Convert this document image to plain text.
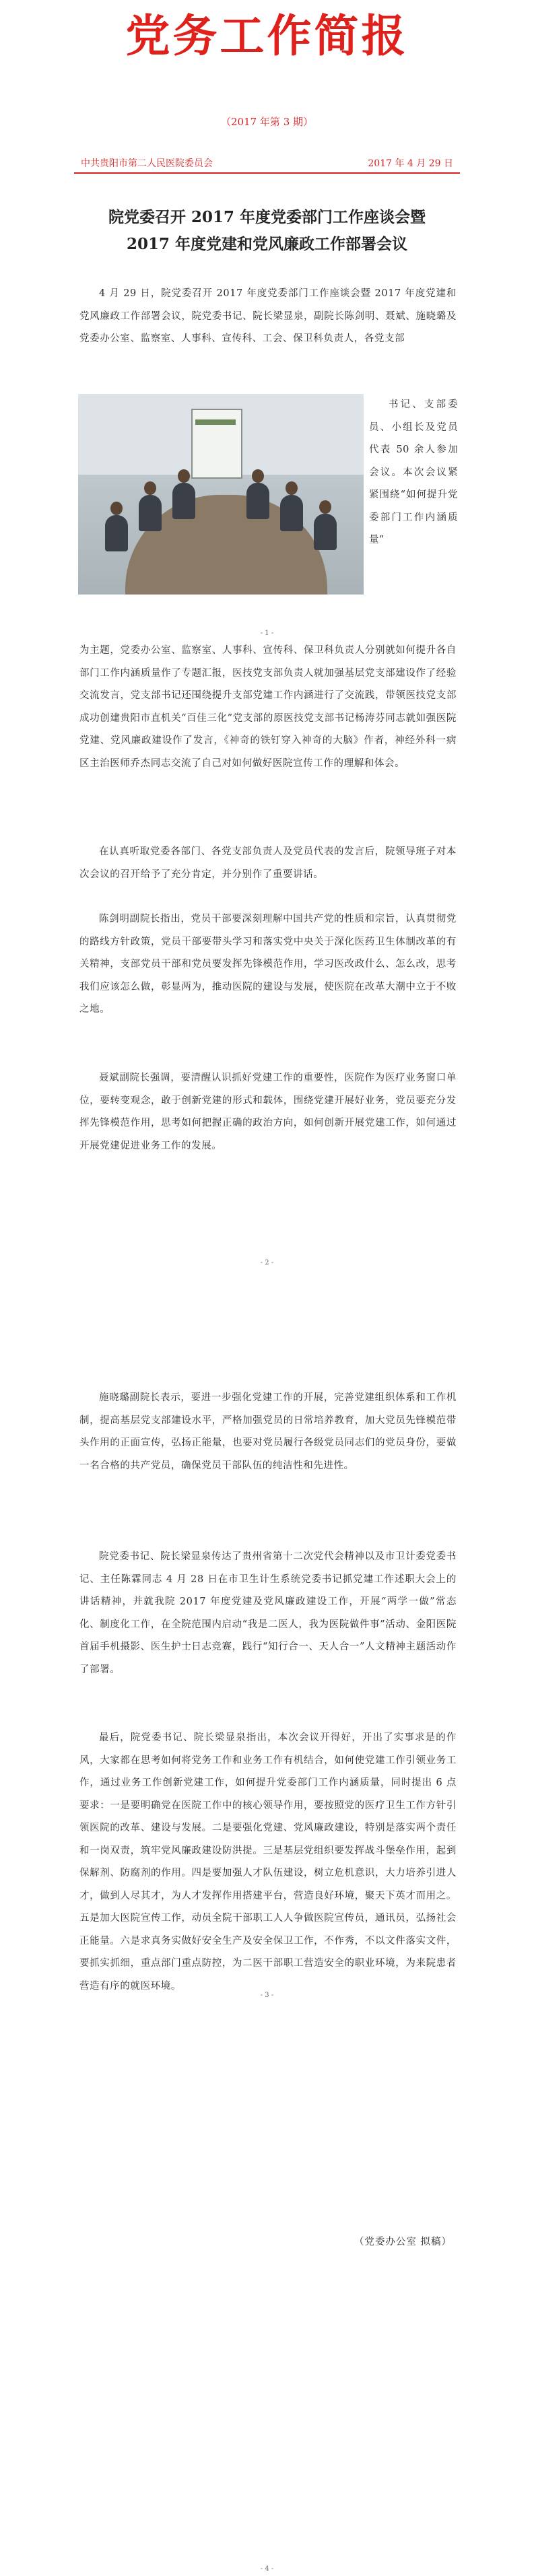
党务工作简报
（2017 年第 3 期）
中共贵阳市第二人民医院委员会	2017 年 4 月 29 日
院党委召开 2017 年度党委部门工作座谈会暨
2017 年度党建和党风廉政工作部署会议

4 月 29 日，院党委召开 2017 年度党委部门工作座谈会暨 2017 年度党建和党风廉政工作部署会议，院党委书记、院长梁显泉，副院长陈剑明、聂斌、施晓璐及党委办公室、监察室、人事科、宣传科、工会、保卫科负责人，各党支部

书记、支部委员、小组长及党员代表 50 余人参加会议。本次会议紧紧围绕“如何提升党委部门工作内涵质量”

- 1 -

为主题，党委办公室、监察室、人事科、宣传科、保卫科负责人分别就如何提升各自部门工作内涵质量作了专题汇报，医技党支部负责人就加强基层党支部建设作了经验交流发言，党支部书记还围绕提升支部党建工作内涵进行了交流践，带领医技党支部成功创建贵阳市直机关“百佳三化”党支部的原医技党支部书记杨涛芬同志就如强医院党建、党风廉政建设作了发言，《神奇的铁钉穿入神奇的大脑》作者，神经外科一病区主治医师乔杰同志交流了自己对如何做好医院宣传工作的理解和体会。

在认真听取党委各部门、各党支部负责人及党员代表的发言后，院领导班子对本次会议的召开给予了充分肯定，并分别作了重要讲话。

陈剑明副院长指出，党员干部要深刻理解中国共产党的性质和宗旨，认真贯彻党的路线方针政策，党员干部要带头学习和落实党中央关于深化医药卫生体制改革的有关精神，支部党员干部和党员要发挥先锋模范作用，学习医改政什么、怎么改，思考我们应该怎么做，彰显两为，推动医院的建设与发展，使医院在改革大潮中立于不败之地。

聂斌副院长强调，要清醒认识抓好党建工作的重要性，医院作为医疗业务窗口单位，要转变观念，敢于创新党建的形式和载体，围绕党建开展好业务，党员要充分发挥先锋模范作用，思考如何把握正确的政治方向，如何创新开展党建工作，如何通过开展党建促进业务工作的发展。

- 2 -

施晓璐副院长表示，要进一步强化党建工作的开展，完善党建组织体系和工作机制，提高基层党支部建设水平，严格加强党员的日常培养教育，加大党员先锋模范带头作用的正面宣传，弘扬正能量，也要对党员履行各级党员同志们的党员身份，要做一名合格的共产党员，确保党员干部队伍的纯洁性和先进性。

院党委书记、院长梁显泉传达了贵州省第十二次党代会精神以及市卫计委党委书记、主任陈霖同志 4 月 28 日在市卫生计生系统党委书记抓党建工作述职大会上的讲话精神，并就我院 2017 年度党建及党风廉政建设工作，开展“两学一做”常态化、制度化工作，在全院范围内启动“我是二医人，我为医院做件事”活动、金阳医院首届手机摄影、医生护士日志竞赛，践行“知行合一、天人合一”人文精神主题活动作了部署。

最后，院党委书记、院长梁显泉指出，本次会议开得好，开出了实事求是的作风，大家都在思考如何将党务工作和业务工作有机结合，如何使党建工作引领业务工作，通过业务工作创新党建工作，如何提升党委部门工作内涵质量，同时提出 6 点要求：一是要明确党在医院工作中的核心领导作用，要按照党的医疗卫生工作方针引领医院的改革、建设与发展。二是要强化党建、党风廉政建设，特别是落实两个责任和一岗双责，筑牢党风廉政建设防洪提。三是基层党组织要发挥战斗堡垒作用，起到保解剂、防腐剂的作用。四是要加强人才队伍建设，树立危机意识，大力培养引进人才，做到人尽其才，为人才发挥作用搭建平台，营造良好环境，聚天下英才而用之。五是加大医院宣传工作，动员全院干部职工人人争做医院宣传员，通讯员，弘扬社会正能量。六是求真务实做好安全生产及安全保卫工作，不作秀，不以文件落实文件，要抓实抓细，重点部门重点防控，为二医干部职工营造安全的职业环境，为来院患者营造有序的就医环境。

- 3 -
（党委办公室 拟稿）
- 4 -
